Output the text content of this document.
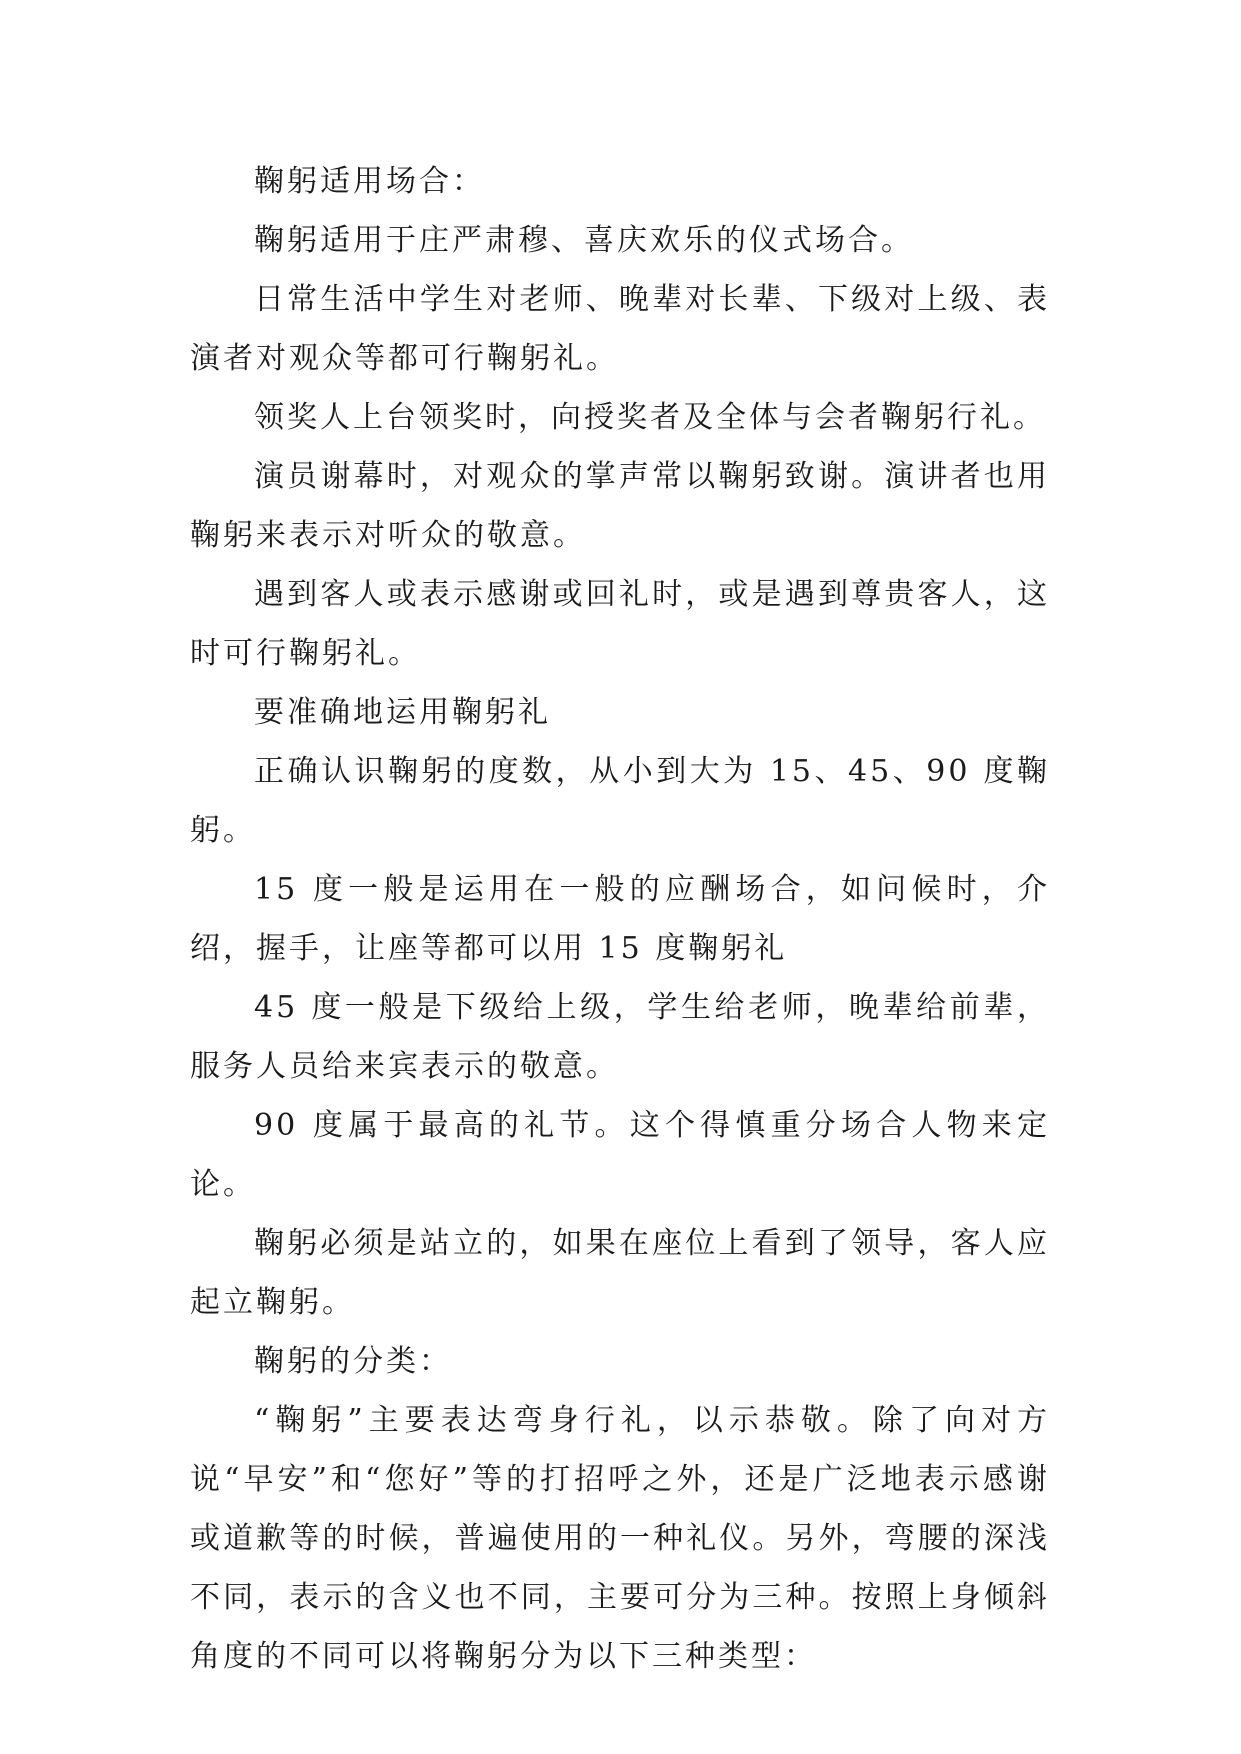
鞠躬适用场合：

鞠躬适用于庄严肃穆、喜庆欢乐的仪式场合。

日常生活中学生对老师、晚辈对长辈、下级对上级、表演者对观众等都可行鞠躬礼。

领奖人上台领奖时，向授奖者及全体与会者鞠躬行礼。

演员谢幕时，对观众的掌声常以鞠躬致谢。演讲者也用鞠躬来表示对听众的敬意。

遇到客人或表示感谢或回礼时，或是遇到尊贵客人，这时可行鞠躬礼。

要准确地运用鞠躬礼

正确认识鞠躬的度数，从小到大为 15、45、90 度鞠躬。

15 度一般是运用在一般的应酬场合，如问候时，介绍，握手，让座等都可以用 15 度鞠躬礼

45 度一般是下级给上级，学生给老师，晚辈给前辈，服务人员给来宾表示的敬意。

90 度属于最高的礼节。这个得慎重分场合人物来定论。

鞠躬必须是站立的，如果在座位上看到了领导，客人应起立鞠躬。

鞠躬的分类：

“鞠躬”主要表达弯身行礼，以示恭敬。除了向对方说“早安”和“您好”等的打招呼之外，还是广泛地表示感谢或道歉等的时候，普遍使用的一种礼仪。另外，弯腰的深浅不同，表示的含义也不同，主要可分为三种。按照上身倾斜角度的不同可以将鞠躬分为以下三种类型：
